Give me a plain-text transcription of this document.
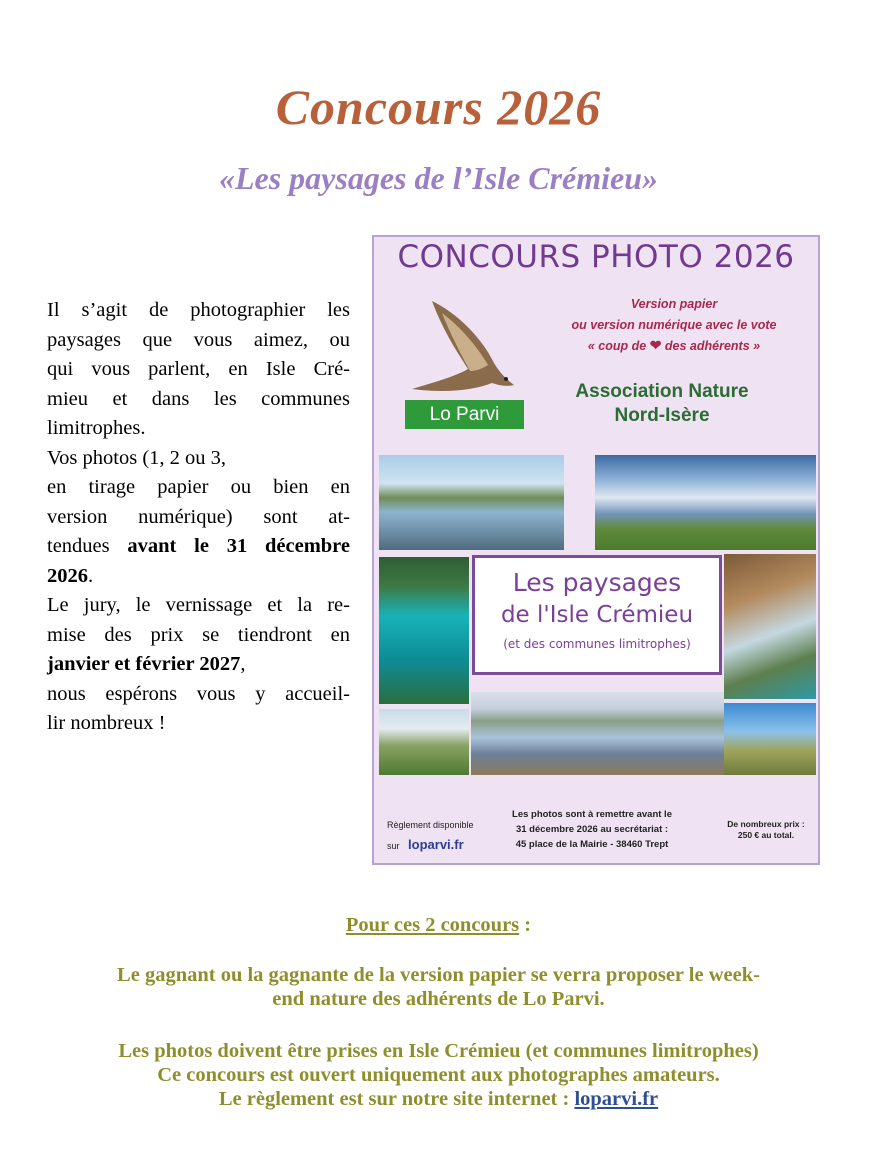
Concours 2026
«Les paysages de l’Isle Crémieu»
Il s’agit de photographier les
paysages que vous aimez, ou
qui vous parlent, en Isle Cré-
mieu et dans les communes
limitrophes.
Vos photos (1, 2 ou 3,
en tirage papier ou bien en
version numérique) sont at-
tendues avant le 31 décembre
2026.
Le jury, le vernissage et la re-
mise des prix se tiendront en
janvier et février 2027,
nous espérons vous y accueil-
lir nombreux !
CONCOURS PHOTO 2026
Version papier
ou version numérique avec le vote
« coup de ❤ des adhérents »
Lo Parvi
Association Nature
Nord-Isère
Les paysages
de l'Isle Crémieu
(et des communes limitrophes)
Règlement disponible
sur loparvi.fr
Les photos sont à remettre avant le
31 décembre 2026 au secrétariat :
45 place de la Mairie - 38460 Trept
De nombreux prix :
250 € au total.
Pour ces 2 concours :
Le gagnant ou la gagnante de la version papier se verra proposer le week-
end nature des adhérents de Lo Parvi.
Les photos doivent être prises en Isle Crémieu (et communes limitrophes)
Ce concours est ouvert uniquement aux photographes amateurs.
Le règlement est sur notre site internet : loparvi.fr
